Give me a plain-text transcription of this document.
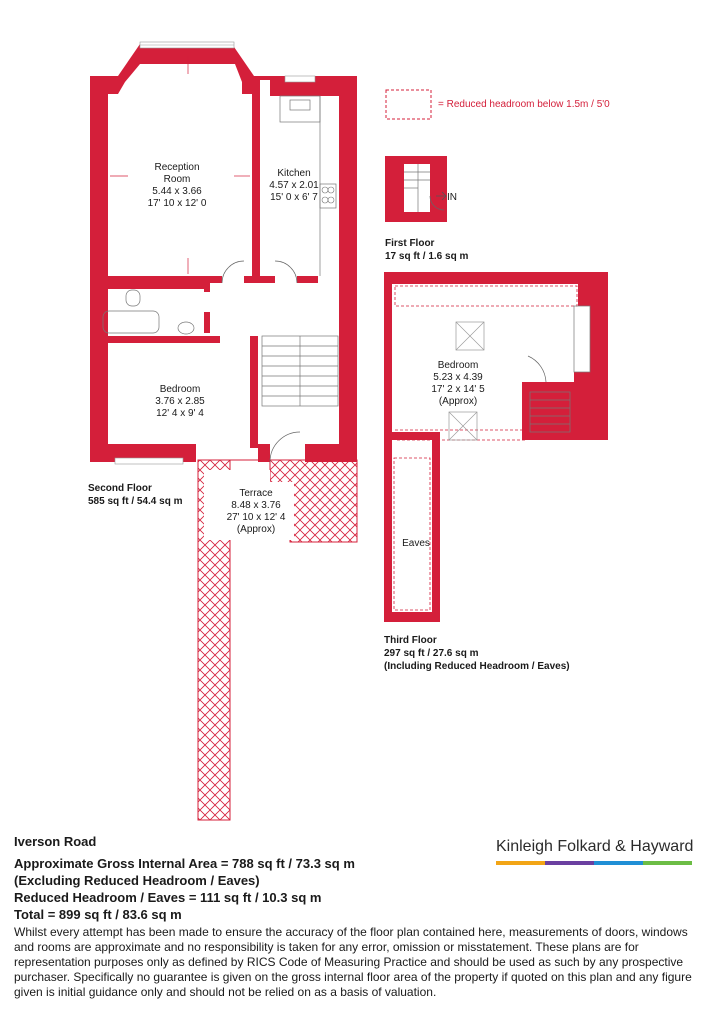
= Reduced headroom below 1.5m / 5'0
Reception
Room
5.44 x 3.66
17' 10 x 12' 0
Kitchen
4.57 x 2.01
15' 0 x 6' 7
Bedroom
3.76 x 2.85
12' 4 x 9' 4
Terrace
8.48 x 3.76
27' 10 x 12' 4
(Approx)
Second Floor
585 sq ft / 54.4 sq m
IN
First Floor
17 sq ft / 1.6 sq m
Bedroom
5.23 x 4.39
17' 2 x 14' 5
(Approx)
Eaves
Third Floor
297 sq ft / 27.6 sq m
(Including Reduced Headroom / Eaves)

Iverson Road

Approximate Gross Internal Area = 788 sq ft / 73.3 sq m

(Excluding Reduced Headroom / Eaves)

Reduced Headroom / Eaves = 111 sq ft / 10.3 sq m

Total = 899 sq ft / 83.6 sq m

Whilst every attempt has been made to ensure the accuracy of the floor plan contained here, measurements of doors, windows and rooms are approximate and no responsibility is taken for any error, omission or misstatement. These plans are for representation purposes only as defined by RICS Code of Measuring Practice and should be used as such by any prospective purchaser. Specifically no guarantee is given on the gross internal floor area of the property if quoted on this plan and any figure given is initial guidance only and should not be relied on as a basis of valuation.

Kinleigh Folkard & Hayward
